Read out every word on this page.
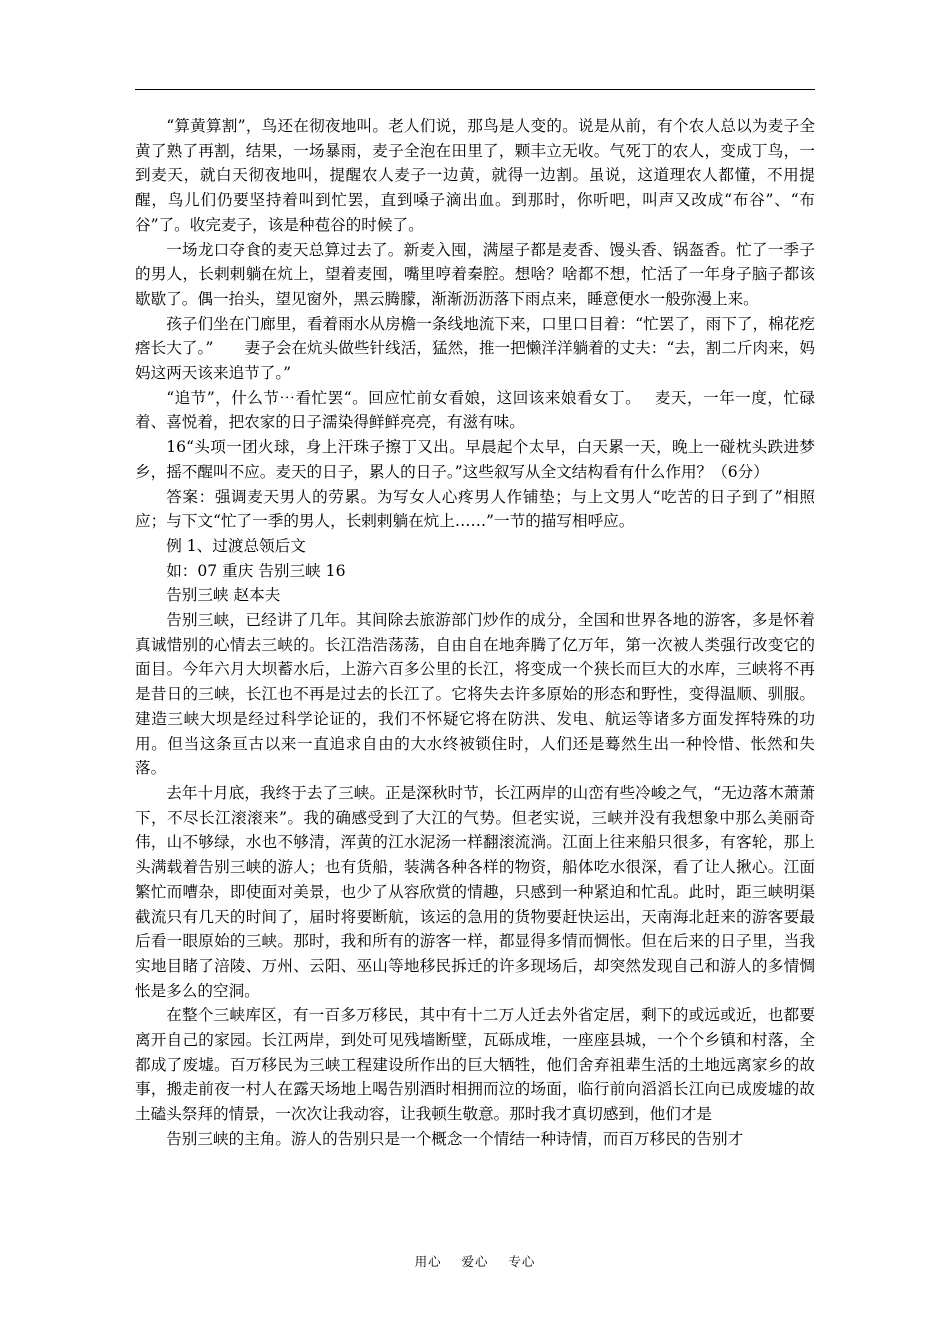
“算黄算割”，鸟还在彻夜地叫。老人们说，那鸟是人变的。说是从前，有个农人总以为麦子全黄了熟了再割，结果，一场暴雨，麦子全泡在田里了，颗丰立无收。气死丁的农人，变成丁鸟，一到麦天，就白天彻夜地叫，提醒农人麦子一边黄，就得一边割。虽说，这道理农人都懂，不用提醒，鸟儿们仍要坚持着叫到忙罢，直到嗓子滴出血。到那时，你听吧，叫声又改成“布谷”、“布谷”了。收完麦子，该是种苞谷的时候了。

一场龙口夺食的麦天总算过去了。新麦入囤，满屋子都是麦香、馒头香、锅盔香。忙了一季子的男人，长剌剌躺在炕上，望着麦囤，嘴里哼着秦腔。想啥？啥都不想，忙活了一年身子脑子都该歇歇了。偶一抬头，望见窗外，黑云腾朦，渐渐沥沥落下雨点来，睡意便水一般弥漫上来。

孩子们坐在门廊里，看着雨水从房檐一条线地流下来，口里口目着：“忙罢了，雨下了，棉花疙瘩长大了。”　　妻子会在炕头做些针线活，猛然，推一把懒洋洋躺着的丈夫：“去，割二斤肉来，妈妈这两天该来追节了。”

“追节”，什么节⋯看忙罢“。回应忙前女看娘，这回该来娘看女丁。　 麦天，一年一度，忙碌着、喜悦着，把农家的日子濡染得鲜鲜亮亮，有滋有味。

16“头项一团火球，身上汗珠子擦丁又出。早晨起个太早，白天累一天，晚上一碰枕头跌进梦乡，摇不醒叫不应。麦天的日子，累人的日子。”这些叙写从全文结构看有什么作用？（6分）

答案：强调麦天男人的劳累。为写女人心疼男人作铺垫；与上文男人“吃苦的日子到了”相照应；与下文“忙了一季的男人，长剌剌躺在炕上……”一节的描写相呼应。

例 1、过渡总领后文

如：07 重庆 告别三峡 16

告别三峡 赵本夫

告别三峡，已经讲了几年。其间除去旅游部门炒作的成分，全国和世界各地的游客，多是怀着真诚惜别的心情去三峡的。长江浩浩荡荡，自由自在地奔腾了亿万年，第一次被人类强行改变它的面目。今年六月大坝蓄水后，上游六百多公里的长江，将变成一个狭长而巨大的水库，三峡将不再是昔日的三峡，长江也不再是过去的长江了。它将失去许多原始的形态和野性，变得温顺、驯服。建造三峡大坝是经过科学论证的，我们不怀疑它将在防洪、发电、航运等诸多方面发挥特殊的功用。但当这条亘古以来一直追求自由的大水终被锁住时，人们还是蓦然生出一种怜惜、怅然和失落。

去年十月底，我终于去了三峡。正是深秋时节，长江两岸的山峦有些冷峻之气，“无边落木萧萧下，不尽长江滚滚来”。我的确感受到了大江的气势。但老实说，三峡并没有我想象中那么美丽奇伟，山不够绿，水也不够清，浑黄的江水泥汤一样翻滚流淌。江面上往来船只很多，有客轮，那上头满载着告别三峡的游人；也有货船，装满各种各样的物资，船体吃水很深，看了让人揪心。江面繁忙而嘈杂，即使面对美景，也少了从容欣赏的情趣，只感到一种紧迫和忙乱。此时，距三峡明渠截流只有几天的时间了，届时将要断航，该运的急用的货物要赶快运出，天南海北赶来的游客要最后看一眼原始的三峡。那时，我和所有的游客一样，都显得多情而惆怅。但在后来的日子里，当我实地目睹了涪陵、万州、云阳、巫山等地移民拆迁的许多现场后，却突然发现自己和游人的多情惆怅是多么的空洞。

在整个三峡库区，有一百多万移民，其中有十二万人迁去外省定居，剩下的或远或近，也都要离开自己的家园。长江两岸，到处可见残墙断壁，瓦砾成堆，一座座县城，一个个乡镇和村落，全都成了废墟。百万移民为三峡工程建设所作出的巨大牺牲，他们舍弃祖辈生活的土地远离家乡的故事，搬走前夜一村人在露天场地上喝告别酒时相拥而泣的场面，临行前向滔滔长江向已成废墟的故土磕头祭拜的情景，一次次让我动容，让我顿生敬意。那时我才真切感到，他们才是

告别三峡的主角。游人的告别只是一个概念一个情结一种诗情，而百万移民的告别才

用心 爱心 专心
